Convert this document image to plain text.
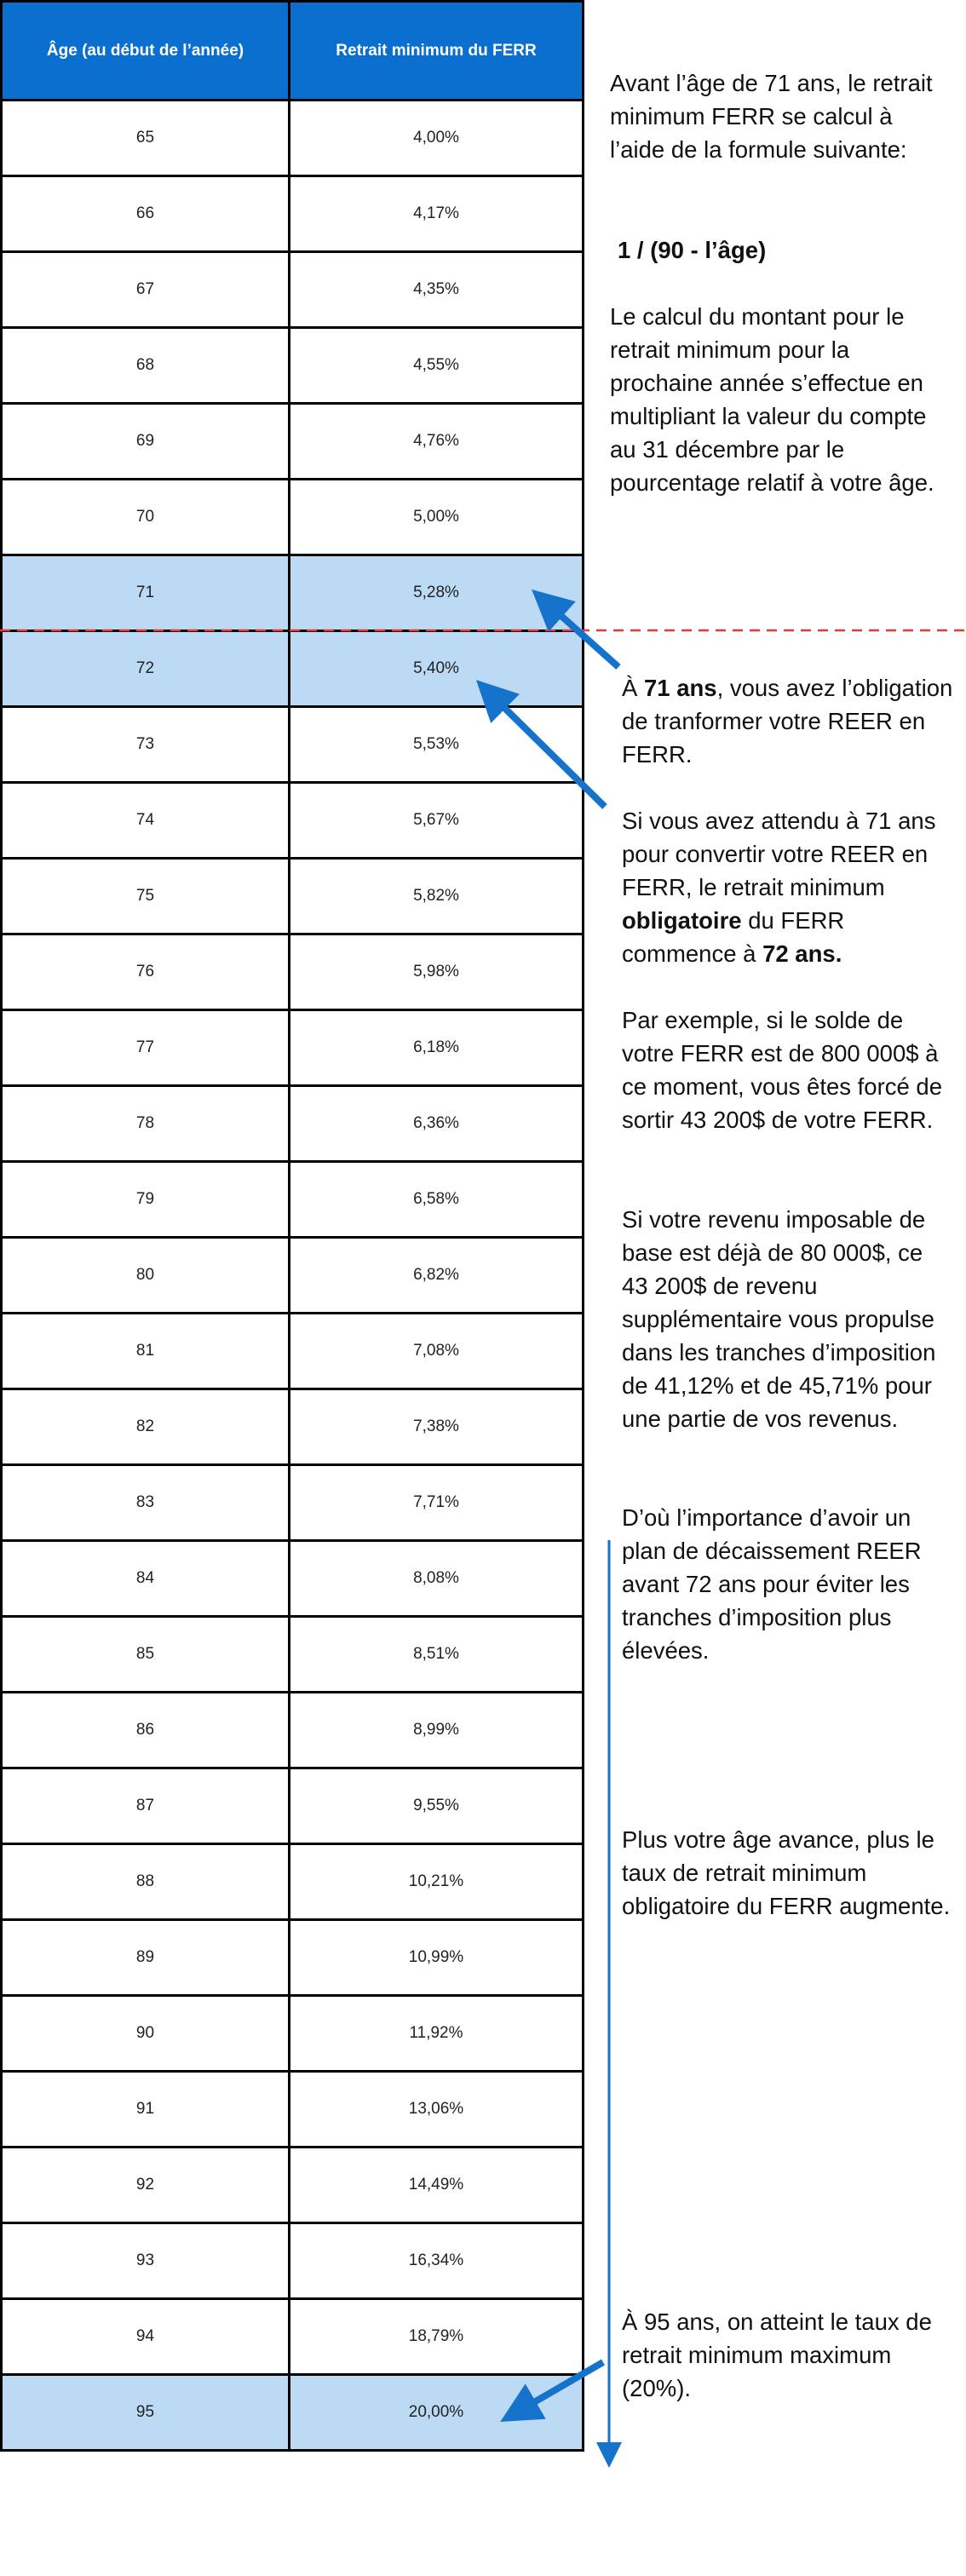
Âge (au début de l’année)	Retrait minimum du FERR
65	4,00%
66	4,17%
67	4,35%
68	4,55%
69	4,76%
70	5,00%
71	5,28%
72	5,40%
73	5,53%
74	5,67%
75	5,82%
76	5,98%
77	6,18%
78	6,36%
79	6,58%
80	6,82%
81	7,08%
82	7,38%
83	7,71%
84	8,08%
85	8,51%
86	8,99%
87	9,55%
88	10,21%
89	10,99%
90	11,92%
91	13,06%
92	14,49%
93	16,34%
94	18,79%
95	20,00%

Avant l’âge de 71 ans, le retrait minimum FERR se calcul à l’aide de la formule suivante:

1 / (90 - l’âge)

Le calcul du montant pour le retrait minimum pour la prochaine année s’effectue en multipliant la valeur du compte au 31 décembre par le pourcentage relatif à votre âge.

À 71 ans, vous avez l’obligation de tranformer votre REER en FERR.

Si vous avez attendu à 71 ans pour convertir votre REER en FERR, le retrait minimum obligatoire du FERR commence à 72 ans.

Par exemple, si le solde de votre FERR est de 800 000$ à ce moment, vous êtes forcé de sortir 43 200$ de votre FERR.

Si votre revenu imposable de base est déjà de 80 000$, ce 43 200$ de revenu supplémentaire vous propulse dans les tranches d’imposition de 41,12% et de 45,71% pour une partie de vos revenus.

D’où l’importance d’avoir un plan de décaissement REER avant 72 ans pour éviter les tranches d’imposition plus élevées.

Plus votre âge avance, plus le taux de retrait minimum obligatoire du FERR augmente.

À 95 ans, on atteint le taux de retrait minimum maximum (20%).
